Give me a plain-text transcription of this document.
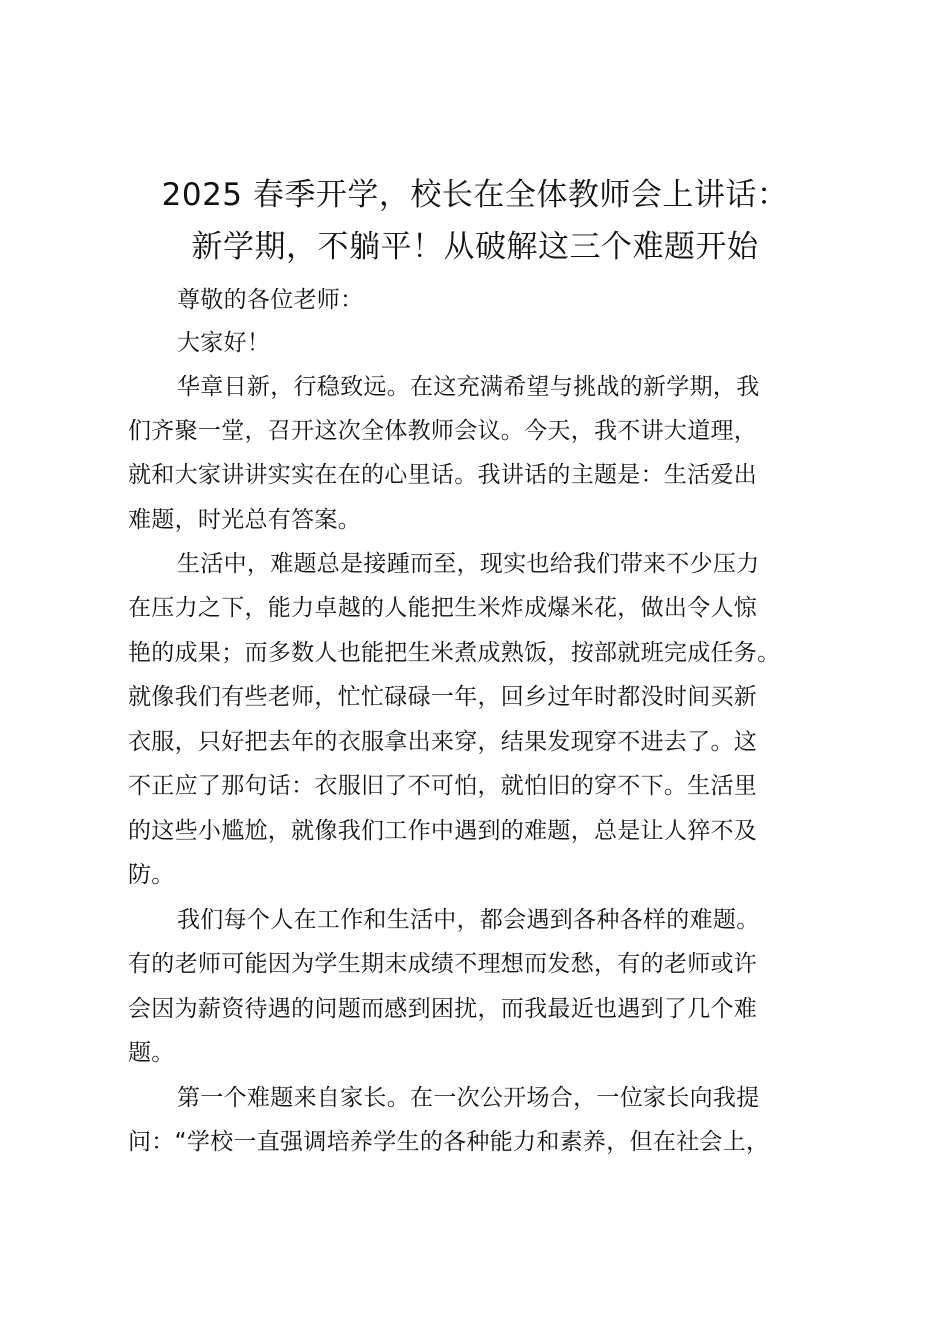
2025 春季开学，校长在全体教师会上讲话：
新学期，不躺平！从破解这三个难题开始
尊敬的各位老师：
大家好！
华章日新，行稳致远。在这充满希望与挑战的新学期，我
们齐聚一堂，召开这次全体教师会议。今天，我不讲大道理，
就和大家讲讲实实在在的心里话。我讲话的主题是：生活爱出
难题，时光总有答案。
生活中，难题总是接踵而至，现实也给我们带来不少压力
在压力之下，能力卓越的人能把生米炸成爆米花，做出令人惊
艳的成果；而多数人也能把生米煮成熟饭，按部就班完成任务。
就像我们有些老师，忙忙碌碌一年，回乡过年时都没时间买新
衣服，只好把去年的衣服拿出来穿，结果发现穿不进去了。这
不正应了那句话：衣服旧了不可怕，就怕旧的穿不下。生活里
的这些小尴尬，就像我们工作中遇到的难题，总是让人猝不及
防。
我们每个人在工作和生活中，都会遇到各种各样的难题。
有的老师可能因为学生期末成绩不理想而发愁，有的老师或许
会因为薪资待遇的问题而感到困扰，而我最近也遇到了几个难
题。
第一个难题来自家长。在一次公开场合，一位家长向我提
问：“学校一直强调培养学生的各种能力和素养，但在社会上，
